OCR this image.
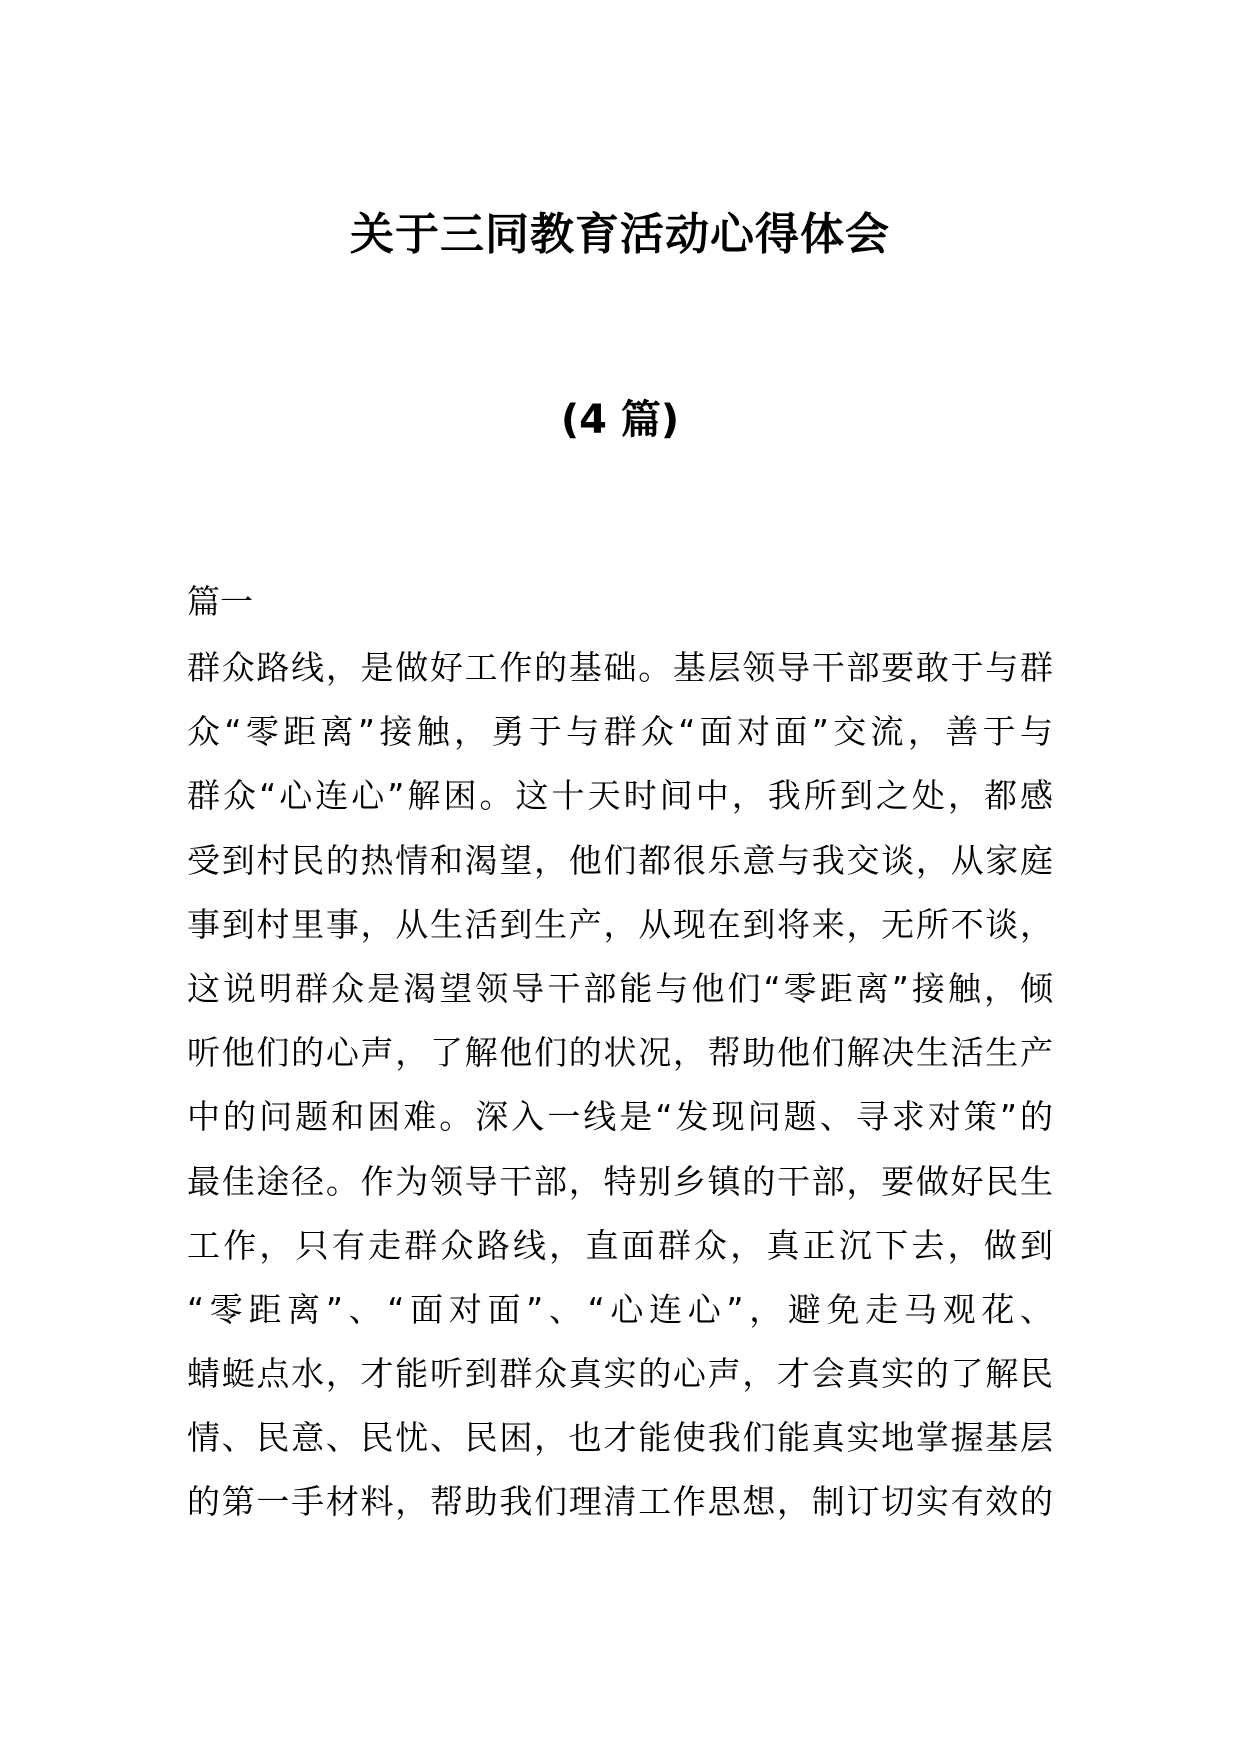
关于三同教育活动心得体会
(4 篇)
篇一
群众路线，是做好工作的基础。基层领导干部要敢于与群
众“零距离”接触，勇于与群众“面对面”交流，善于与
群众“心连心”解困。这十天时间中，我所到之处，都感
受到村民的热情和渴望，他们都很乐意与我交谈，从家庭
事到村里事，从生活到生产，从现在到将来，无所不谈，
这说明群众是渴望领导干部能与他们“零距离”接触，倾
听他们的心声，了解他们的状况，帮助他们解决生活生产
中的问题和困难。深入一线是“发现问题、寻求对策”的
最佳途径。作为领导干部，特别乡镇的干部，要做好民生
工作，只有走群众路线，直面群众，真正沉下去，做到
“零距离”、“面对面”、“心连心”，避免走马观花、
蜻蜓点水，才能听到群众真实的心声，才会真实的了解民
情、民意、民忧、民困，也才能使我们能真实地掌握基层
的第一手材料，帮助我们理清工作思想，制订切实有效的
